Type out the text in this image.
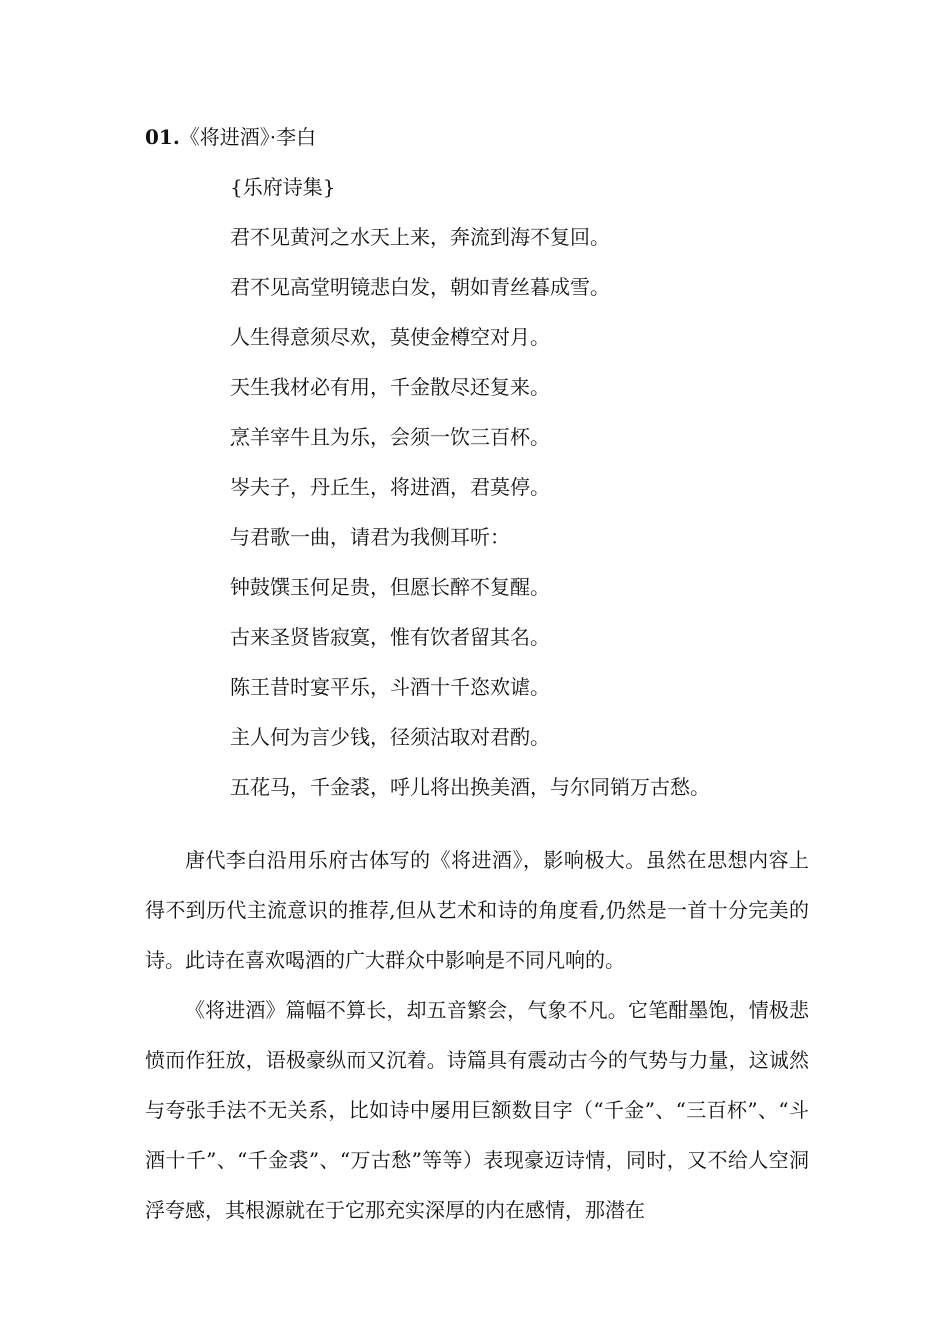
01.《将进酒》·李白
{乐府诗集}
君不见黄河之水天上来，奔流到海不复回。
君不见高堂明镜悲白发，朝如青丝暮成雪。
人生得意须尽欢，莫使金樽空对月。
天生我材必有用，千金散尽还复来。
烹羊宰牛且为乐，会须一饮三百杯。
岑夫子，丹丘生，将进酒，君莫停。
与君歌一曲，请君为我侧耳听：
钟鼓馔玉何足贵，但愿长醉不复醒。
古来圣贤皆寂寞，惟有饮者留其名。
陈王昔时宴平乐，斗酒十千恣欢谑。
主人何为言少钱，径须沽取对君酌。
五花马，千金裘，呼儿将出换美酒，与尔同销万古愁。

唐代李白沿用乐府古体写的《将进酒》，影响极大。虽然在思想内容上得不到历代主流意识的推荐,但从艺术和诗的角度看,仍然是一首十分完美的诗。此诗在喜欢喝酒的广大群众中影响是不同凡响的。

《将进酒》篇幅不算长，却五音繁会，气象不凡。它笔酣墨饱，情极悲愤而作狂放，语极豪纵而又沉着。诗篇具有震动古今的气势与力量，这诚然与夸张手法不无关系，比如诗中屡用巨额数目字（“千金”、“三百杯”、“斗酒十千”、“千金裘”、“万古愁”等等）表现豪迈诗情，同时，又不给人空洞浮夸感，其根源就在于它那充实深厚的内在感情，那潜在
